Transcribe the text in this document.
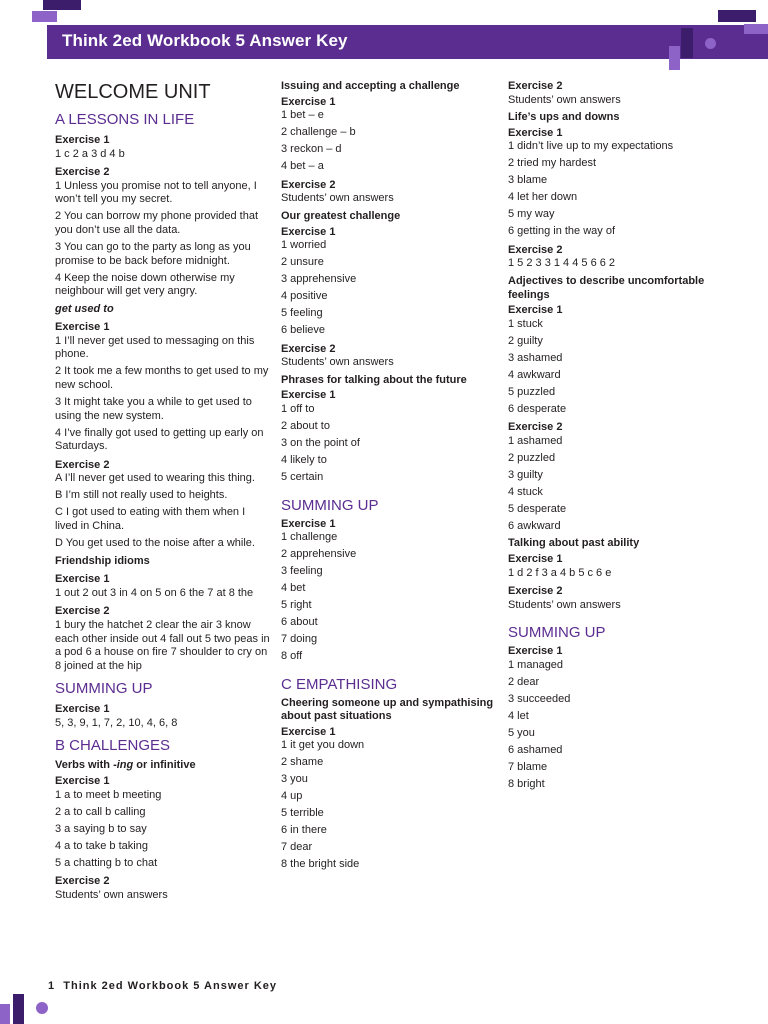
Think 2ed Workbook 5 Answer Key
WELCOME UNIT
A LESSONS IN LIFE
Exercise 1
1 c 2 a 3 d 4 b
Exercise 2
1 Unless you promise not to tell anyone, I won’t tell you my secret.
2 You can borrow my phone provided that you don’t use all the data.
3 You can go to the party as long as you promise to be back before midnight.
4 Keep the noise down otherwise my neighbour will get very angry.
get used to
Exercise 1
1 I’ll never get used to messaging on this phone.
2 It took me a few months to get used to my new school.
3 It might take you a while to get used to using the new system.
4 I’ve finally got used to getting up early on Saturdays.
Exercise 2
A I’ll never get used to wearing this thing.
B I’m still not really used to heights.
C I got used to eating with them when I lived in China.
D You get used to the noise after a while.
Friendship idioms
Exercise 1
1 out 2 out 3 in 4 on 5 on 6 the 7 at 8 the
Exercise 2
1 bury the hatchet 2 clear the air 3 know each other inside out 4 fall out 5 two peas in a pod 6 a house on fire 7 shoulder to cry on 8 joined at the hip
SUMMING UP
Exercise 1
5, 3, 9, 1, 7, 2, 10, 4, 6, 8
B CHALLENGES
Verbs with -ing or infinitive
Exercise 1
1 a to meet b meeting
2 a to call b calling
3 a saying b to say
4 a to take b taking
5 a chatting b to chat
Exercise 2
Students’ own answers
Issuing and accepting a challenge
Exercise 1
1 bet – e
2 challenge – b
3 reckon – d
4 bet – a
Exercise 2
Students’ own answers
Our greatest challenge
Exercise 1
1 worried
2 unsure
3 apprehensive
4 positive
5 feeling
6 believe
Exercise 2
Students’ own answers
Phrases for talking about the future
Exercise 1
1 off to
2 about to
3 on the point of
4 likely to
5 certain
SUMMING UP
Exercise 1
1 challenge
2 apprehensive
3 feeling
4 bet
5 right
6 about
7 doing
8 off
C EMPATHISING
Cheering someone up and sympathising about past situations
Exercise 1
1 it get you down
2 shame
3 you
4 up
5 terrible
6 in there
7 dear
8 the bright side
Exercise 2
Students’ own answers
Life’s ups and downs
Exercise 1
1 didn’t live up to my expectations
2 tried my hardest
3 blame
4 let her down
5 my way
6 getting in the way of
Exercise 2
1 5 2 3 3 1 4 4 5 6 6 2
Adjectives to describe uncomfortable feelings
Exercise 1
1 stuck
2 guilty
3 ashamed
4 awkward
5 puzzled
6 desperate
Exercise 2
1 ashamed
2 puzzled
3 guilty
4 stuck
5 desperate
6 awkward
Talking about past ability
Exercise 1
1 d 2 f 3 a 4 b 5 c 6 e
Exercise 2
Students’ own answers
SUMMING UP
Exercise 1
1 managed
2 dear
3 succeeded
4 let
5 you
6 ashamed
7 blame
8 bright
1 Think 2ed Workbook 5 Answer Key
